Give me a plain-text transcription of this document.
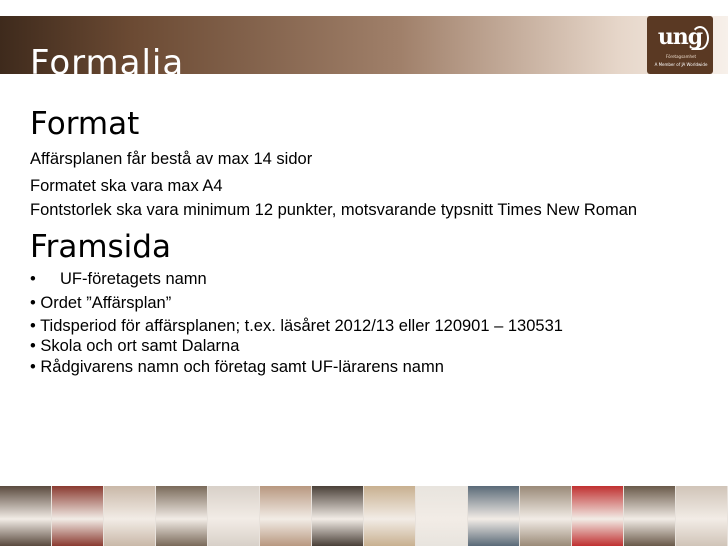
Formalia
ung
Företagsamhet
A Member of JA Worldwide
Format
Affärsplanen får bestå av max 14 sidor
Formatet ska vara max A4
Fontstorlek ska vara minimum 12 punkter, motsvarande typsnitt Times New Roman
Framsida
• UF-företagets namn
• Ordet ”Affärsplan”
• Tidsperiod för affärsplanen; t.ex. läsåret 2012/13 eller 120901 – 130531
• Skola och ort samt Dalarna
• Rådgivarens namn och företag samt UF-lärarens namn
